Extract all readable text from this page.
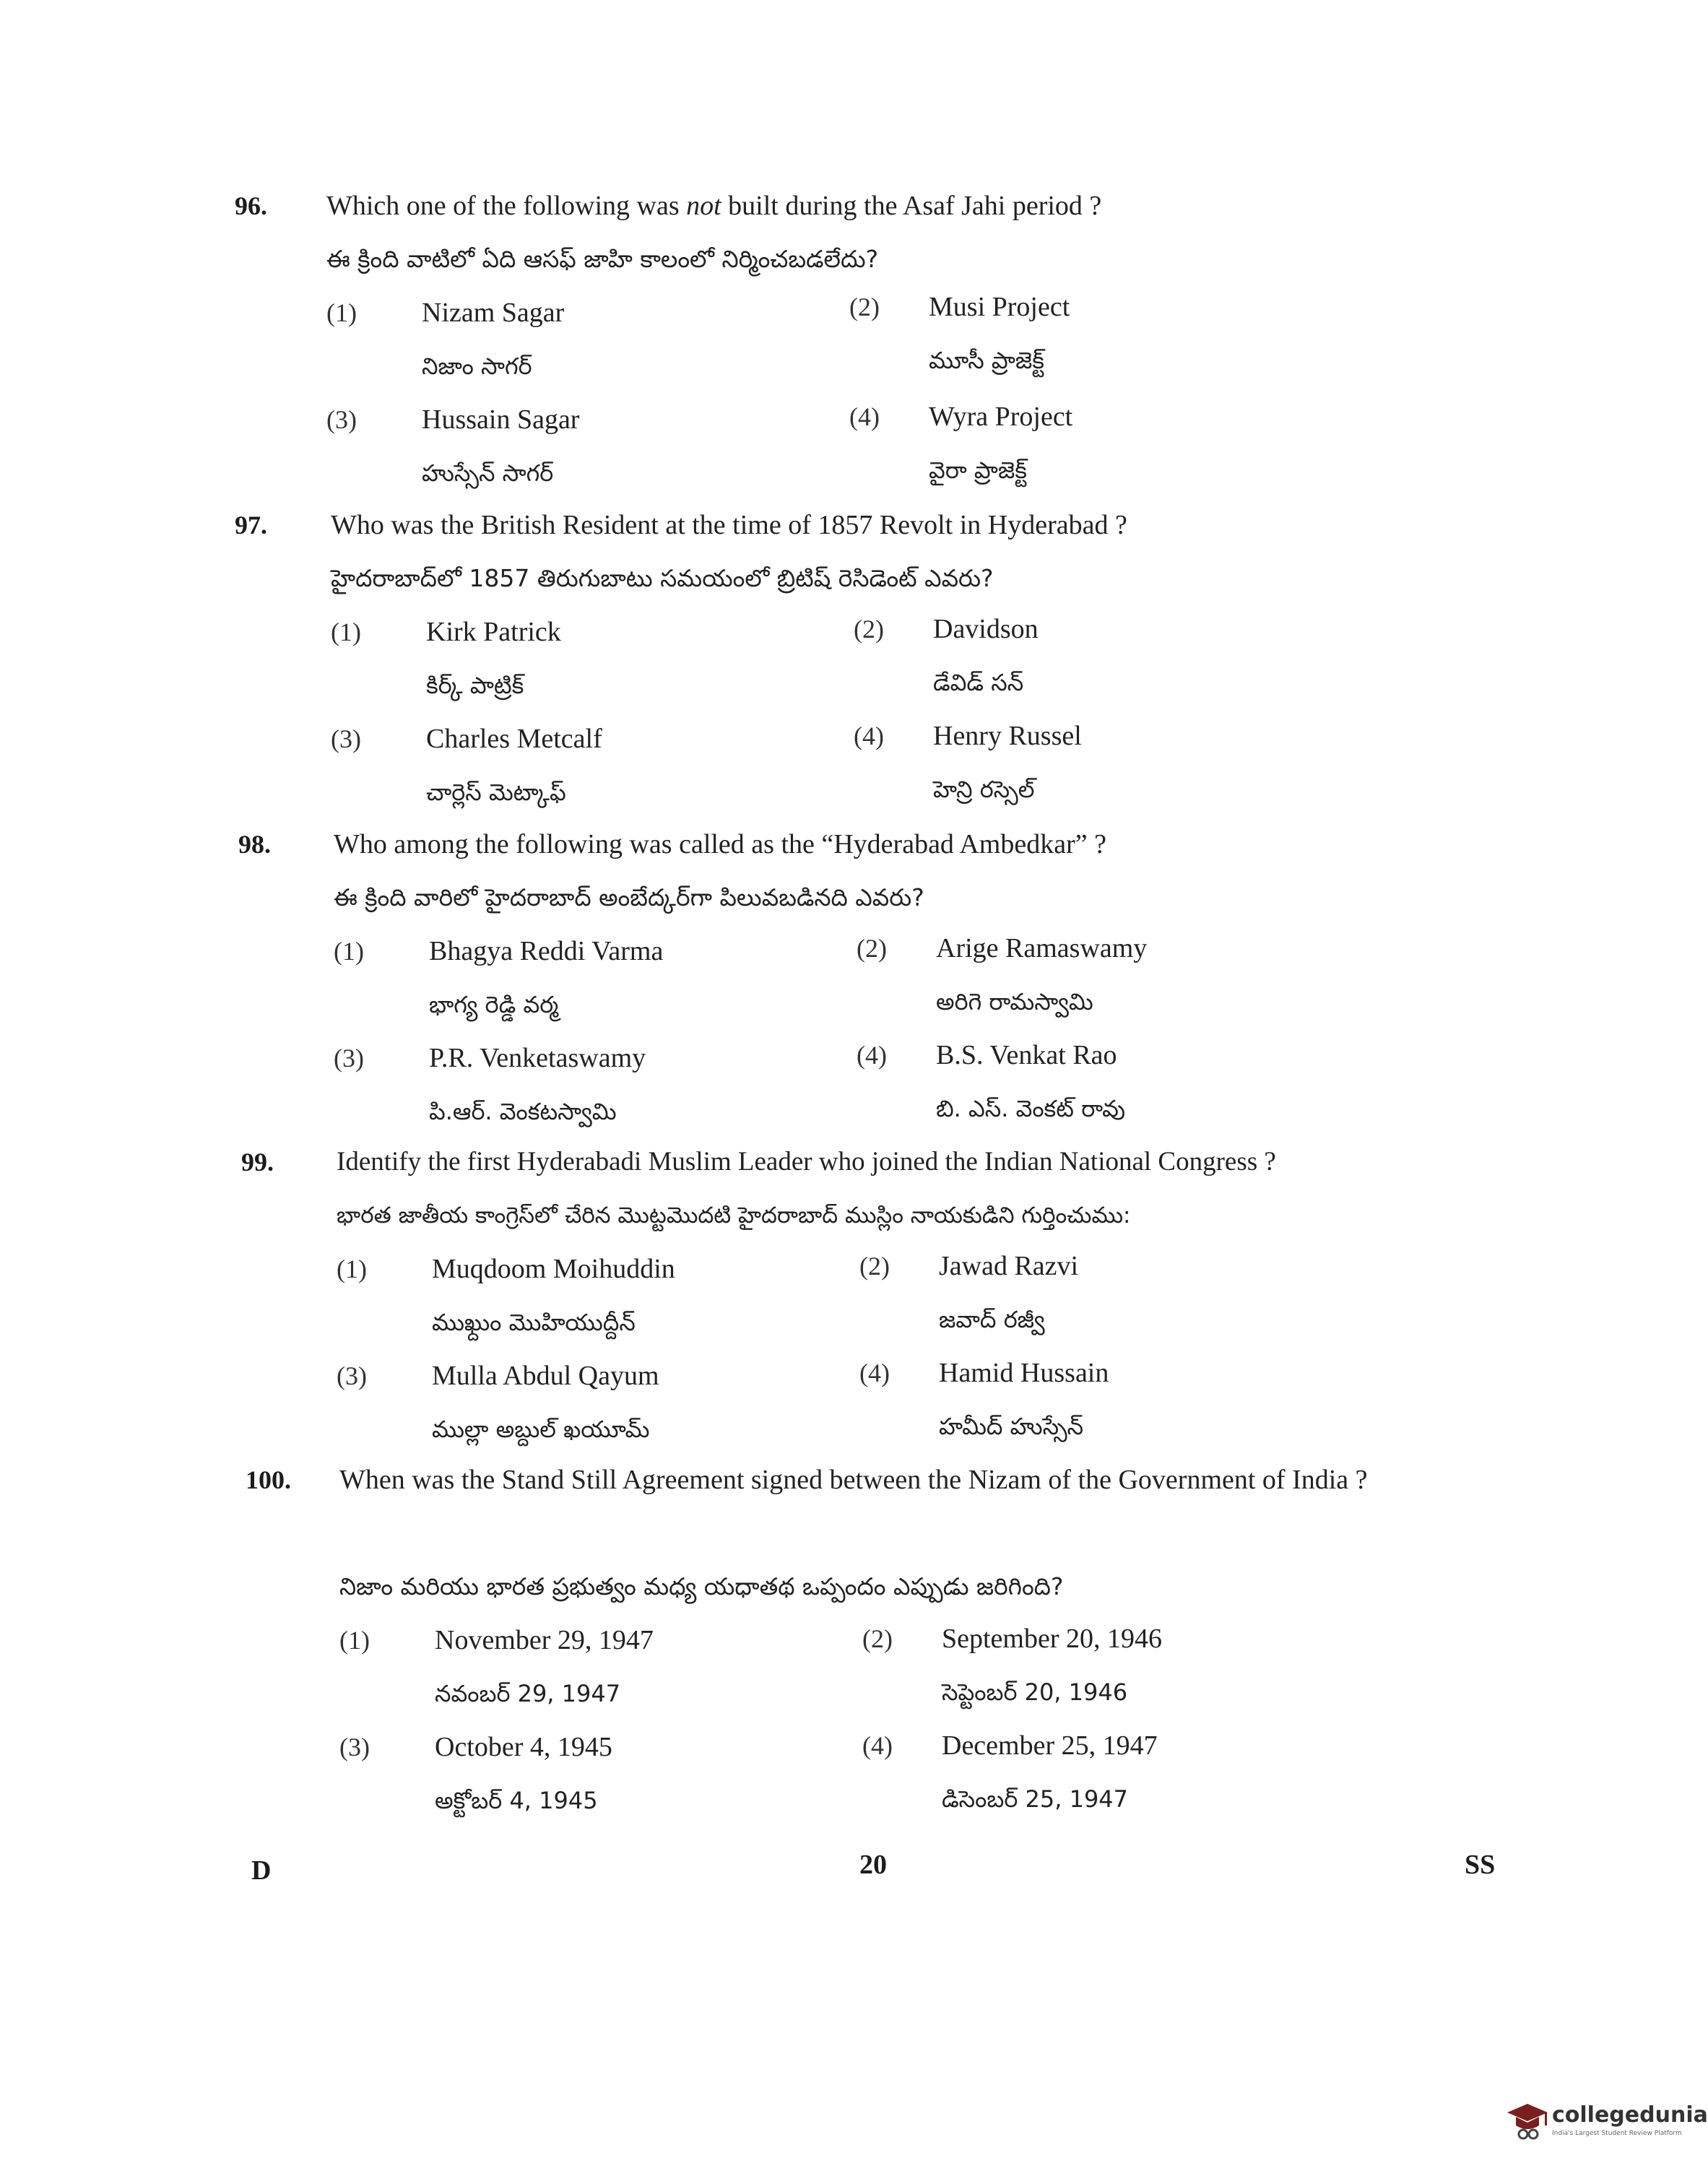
96. Which one of the following was not built during the Asaf Jahi period ?
ఈ క్రింది వాటిలో ఏది ఆసఫ్ జాహి కాలంలో నిర్మించబడలేదు?
(1) Nizam Sagar
నిజాం సాగర్
(2) Musi Project
మూసీ ప్రాజెక్ట్
(3) Hussain Sagar
హుస్సేన్ సాగర్
(4) Wyra Project
వైరా ప్రాజెక్ట్
97. Who was the British Resident at the time of 1857 Revolt in Hyderabad ?
హైదరాబాద్‌లో 1857 తిరుగుబాటు సమయంలో బ్రిటిష్ రెసిడెంట్ ఎవరు?
(1) Kirk Patrick
కిర్క్ పాట్రిక్
(2) Davidson
డేవిడ్ సన్
(3) Charles Metcalf
చార్లెస్ మెట్కాఫ్
(4) Henry Russel
హెన్రి రస్సెల్
98. Who among the following was called as the “Hyderabad Ambedkar” ?
ఈ క్రింది వారిలో హైదరాబాద్ అంబేద్కర్‌గా పిలువబడినది ఎవరు?
(1) Bhagya Reddi Varma
భాగ్య రెడ్డి వర్మ
(2) Arige Ramaswamy
అరిగె రామస్వామి
(3) P.R. Venketaswamy
పి.ఆర్. వెంకటస్వామి
(4) B.S. Venkat Rao
బి. ఎస్. వెంకట్ రావు
99. Identify the first Hyderabadi Muslim Leader who joined the Indian National Congress ?
భారత జాతీయ కాంగ్రెస్‌లో చేరిన మొట్టమొదటి హైదరాబాద్ ముస్లిం నాయకుడిని గుర్తించుము:
(1) Muqdoom Moihuddin
ముఖ్దుం మొహియుద్దీన్
(2) Jawad Razvi
జవాద్ రజ్వీ
(3) Mulla Abdul Qayum
ముల్లా అబ్దుల్ ఖయూమ్
(4) Hamid Hussain
హమీద్ హుస్సేన్
100. When was the Stand Still Agreement signed between the Nizam of the Government of India ?
నిజాం మరియు భారత ప్రభుత్వం మధ్య యధాతథ ఒప్పందం ఎప్పుడు జరిగింది?
(1) November 29, 1947
నవంబర్ 29, 1947
(2) September 20, 1946
సెప్టెంబర్ 20, 1946
(3) October 4, 1945
అక్టోబర్ 4, 1945
(4) December 25, 1947
డిసెంబర్ 25, 1947
D	20	SS
collegedunia
India's Largest Student Review Platform
